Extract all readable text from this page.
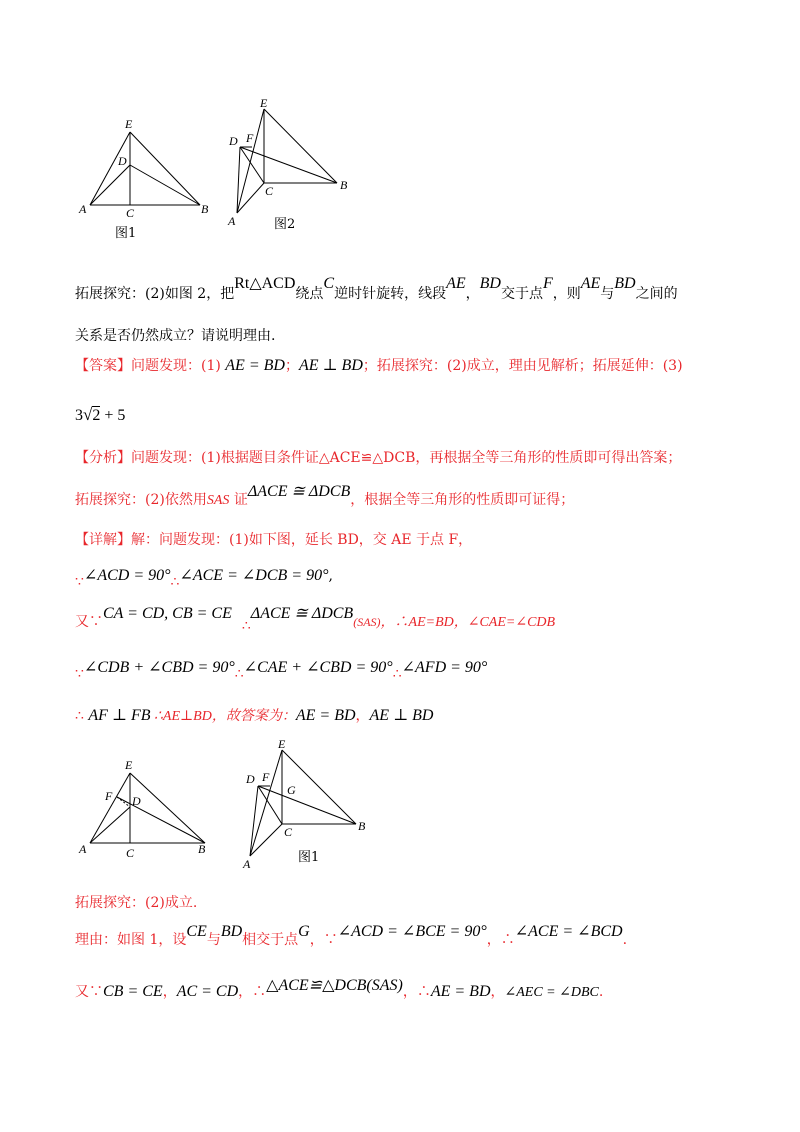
E
D
A	C	B
图1
E
D F
C	B
A	图2
拓展探究：(2)如图 2，把Rt△ACD绕点C逆时针旋转，线段AE，BD交于点F，则AE与BD之间的
关系是否仍然成立？请说明理由.
【答案】问题发现：(1) AE = BD；AE ⊥ BD；拓展探究：(2)成立，理由见解析；拓展延伸：(3)
3√2 + 5
【分析】问题发现：(1)根据题目条件证△ACE≌△DCB，再根据全等三角形的性质即可得出答案；
拓展探究：(2)依然用SAS 证ΔACE ≅ ΔDCB，根据全等三角形的性质即可证得；
【详解】解：问题发现：(1)如下图，延长 BD，交 AE 于点 F，
∵∠ACD = 90°∴∠ACE = ∠DCB = 90°,
又∵CA = CD, CB = CE∴ΔACE ≅ ΔDCB(SAS)，∴AE=BD，∠CAE=∠CDB
∵∠CDB + ∠CBD = 90°∴∠CAE + ∠CBD = 90°∴∠AFD = 90°
∴ AF ⊥ FB ∴AE⊥BD，故答案为：AE = BD，AE ⊥ BD
E
F D
A	C	B
E
D F
G
C	B
A	图1
拓展探究：(2)成立.
理由：如图 1，设CE与BD相交于点G，∵∠ACD = ∠BCE = 90°，∴∠ACE = ∠BCD.
又∵CB = CE，AC = CD，∴△ACE≌△DCB(SAS)，∴AE = BD，∠AEC = ∠DBC.
